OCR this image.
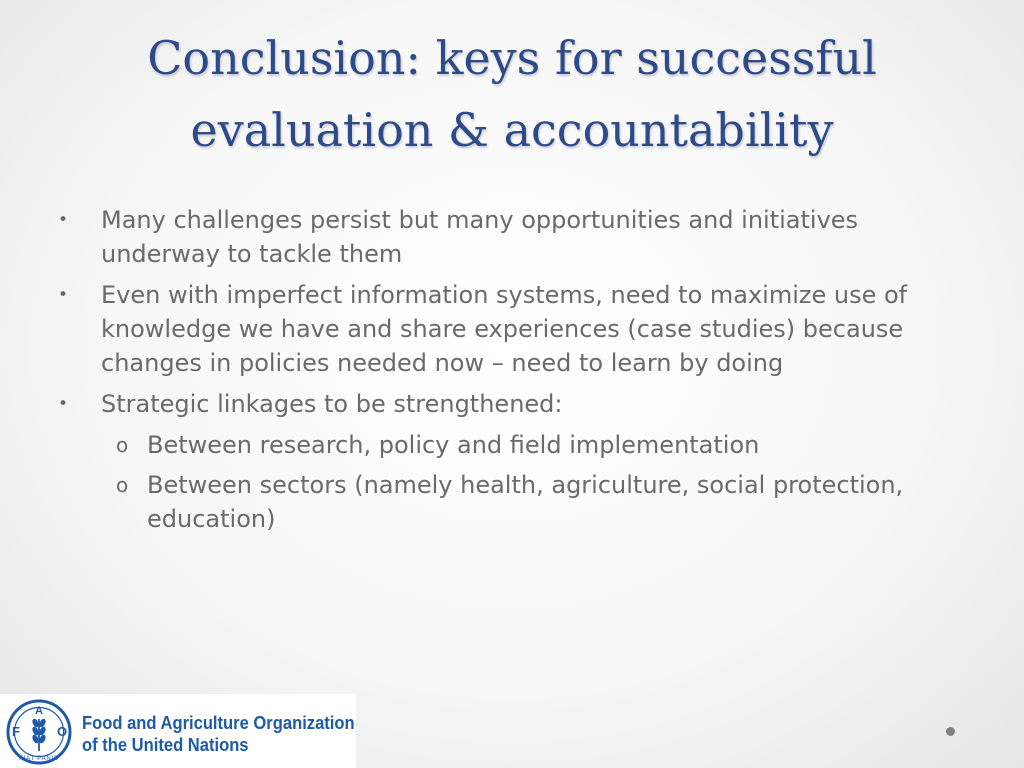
Conclusion: keys for successful evaluation & accountability
• Many challenges persist but many opportunities and initiatives underway to tackle them
• Even with imperfect information systems, need to maximize use of knowledge we have and share experiences (case studies) because changes in policies needed now – need to learn by doing
• Strategic linkages to be strengthened:
o Between research, policy and field implementation
o Between sectors (namely health, agriculture, social protection, education)
F
A
O
FIAT PANIS
Food and Agriculture Organization
of the United Nations
